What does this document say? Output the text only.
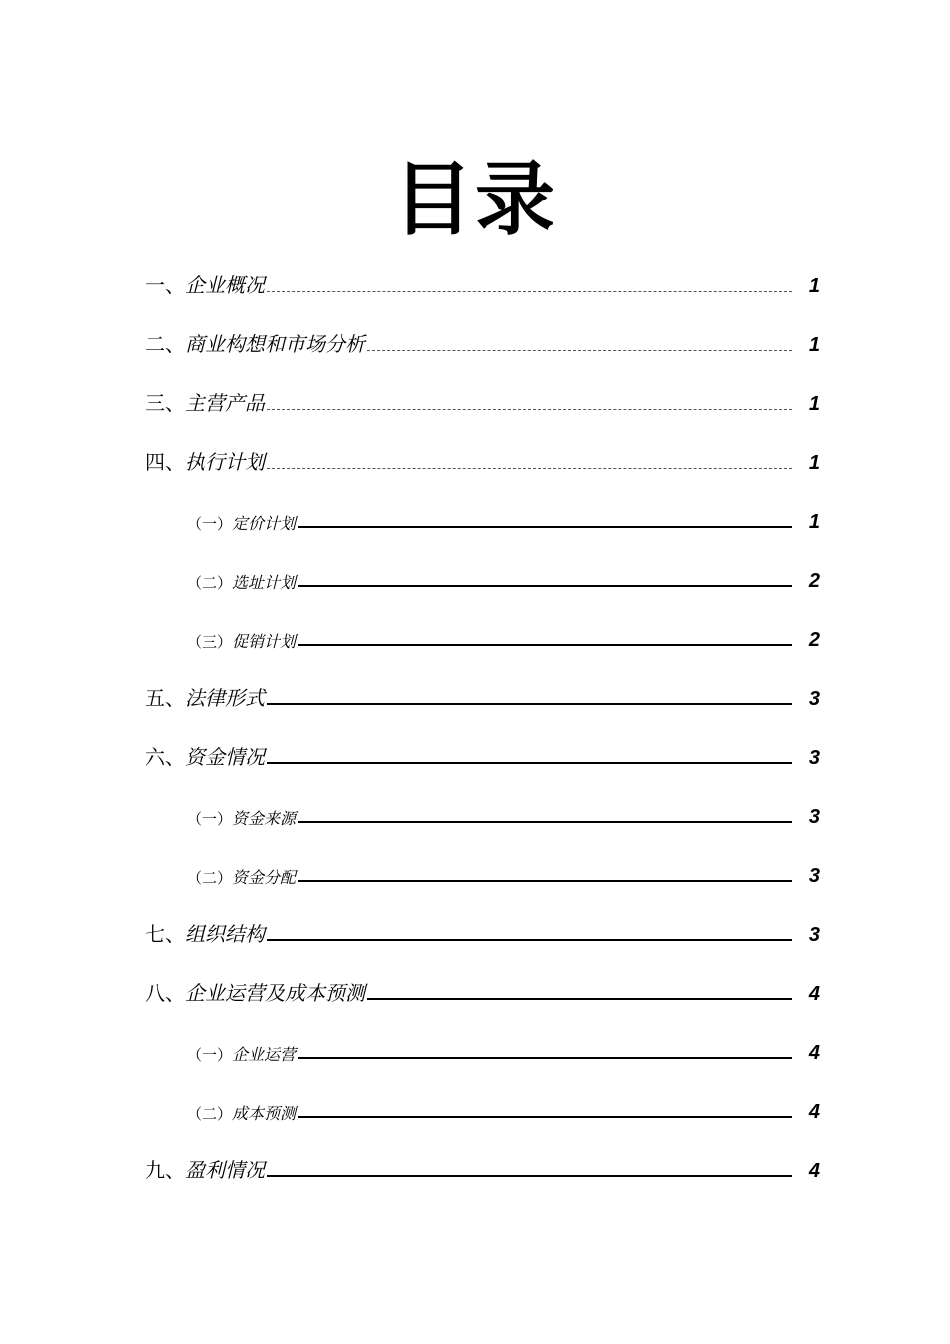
目录
一、 企业概况	1
二、 商业构想和市场分析	1
三、 主营产品	1
四、 执行计划	1
（一） 定价计划	1
（二） 选址计划	2
（三） 促销计划	2
五、 法律形式	3
六、 资金情况	3
（一） 资金来源	3
（二） 资金分配	3
七、 组织结构	3
八、 企业运营及成本预测	4
（一） 企业运营	4
（二） 成本预测	4
九、 盈利情况	4
